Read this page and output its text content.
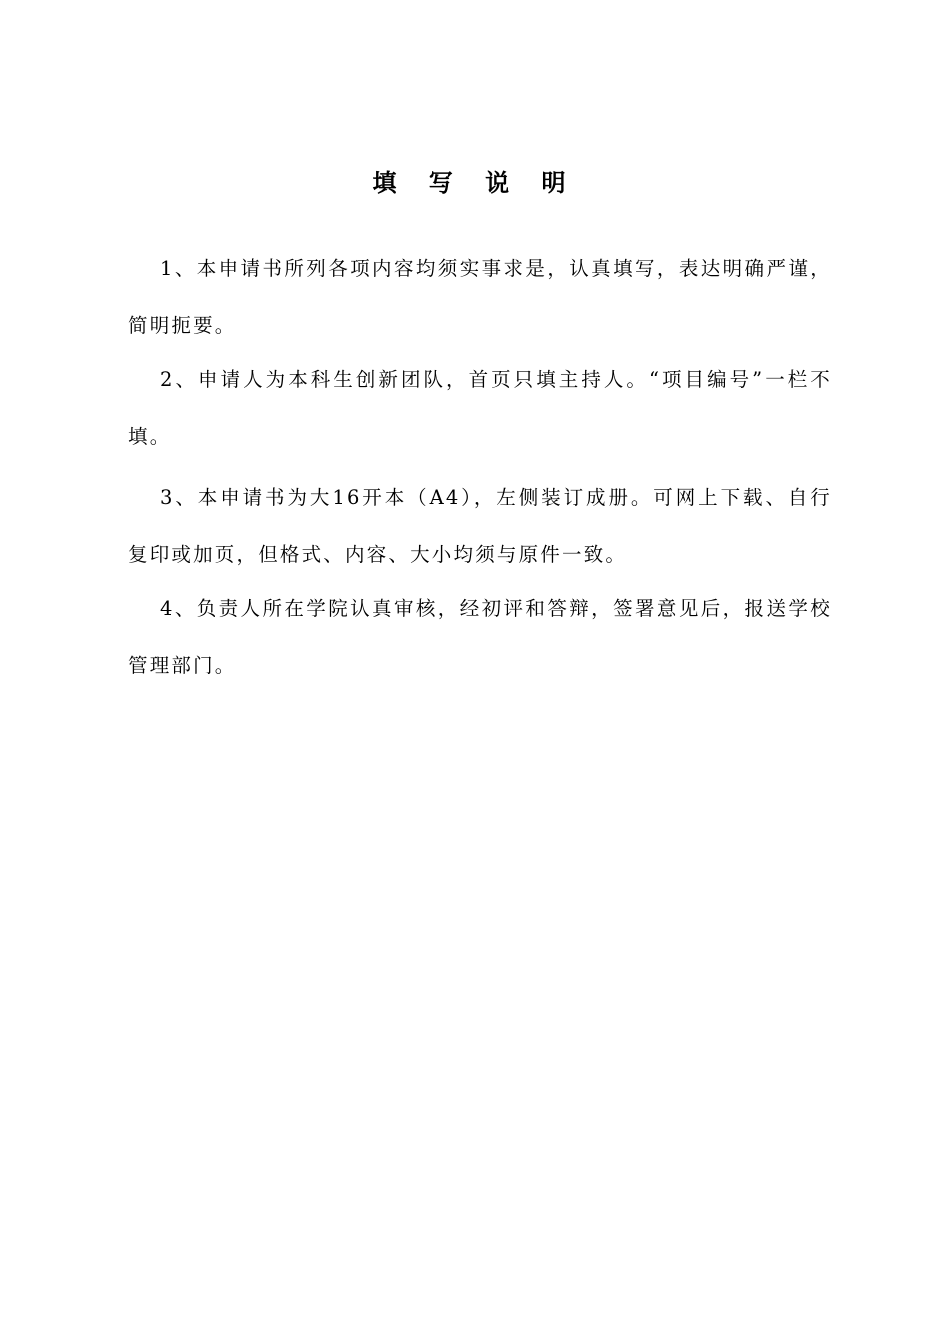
填 写 说 明

1、本申请书所列各项内容均须实事求是，认真填写，表达明确严谨，简明扼要。

2、申请人为本科生创新团队，首页只填主持人。“项目编号”一栏不填。

3、本申请书为大16开本（A4），左侧装订成册。可网上下载、自行复印或加页，但格式、内容、大小均须与原件一致。

4、负责人所在学院认真审核，经初评和答辩，签署意见后，报送学校管理部门。
